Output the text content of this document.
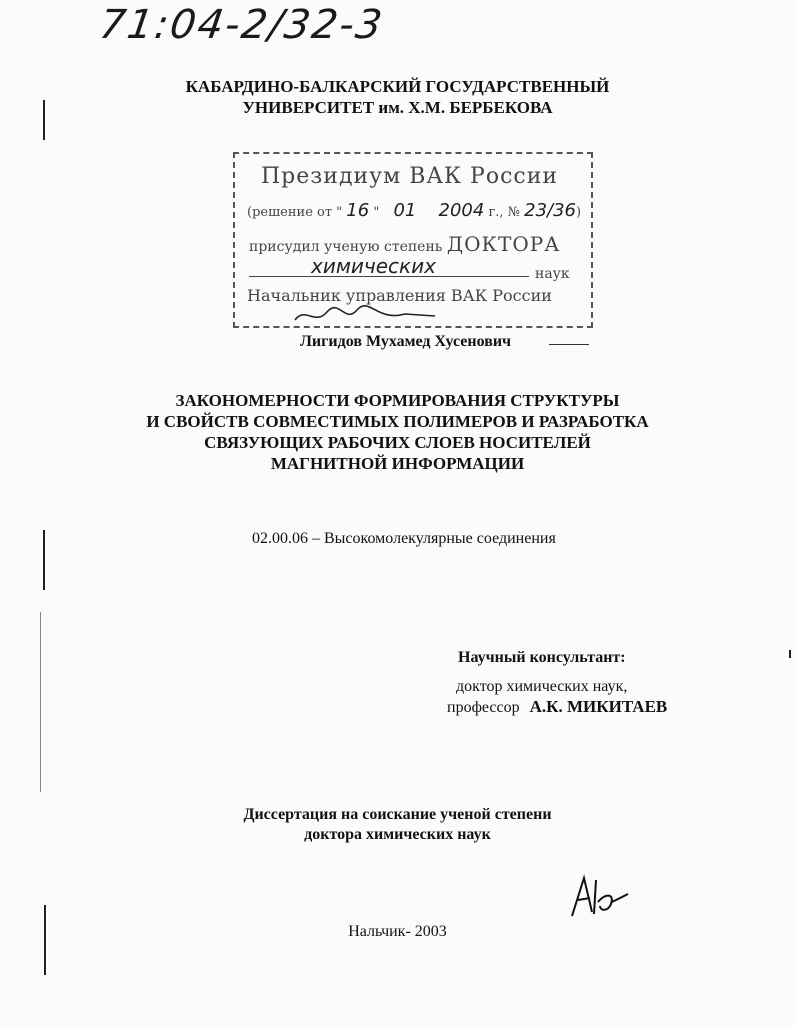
71:04-2/32-3
КАБАРДИНО-БАЛКАРСКИЙ ГОСУДАРСТВЕННЫЙ
УНИВЕРСИТЕТ им. Х.М. БЕРБЕКОВА
Президиум ВАК России
(решение от " 16 " 01 2004 г., № 23/36)
присудил ученую степень ДОКТОРА
химических	наук
Начальник управления ВАК России
Лигидов Мухамед Хусенович
ЗАКОНОМЕРНОСТИ ФОРМИРОВАНИЯ СТРУКТУРЫ
И СВОЙСТВ СОВМЕСТИМЫХ ПОЛИМЕРОВ И РАЗРАБОТКА
СВЯЗУЮЩИХ РАБОЧИХ СЛОЕВ НОСИТЕЛЕЙ
МАГНИТНОЙ ИНФОРМАЦИИ
02.00.06 – Высокомолекулярные соединения
Научный консультант:
доктор химических наук,
профессор А.К. МИКИТАЕВ
Диссертация на соискание ученой степени
доктора химических наук
Нальчик- 2003
